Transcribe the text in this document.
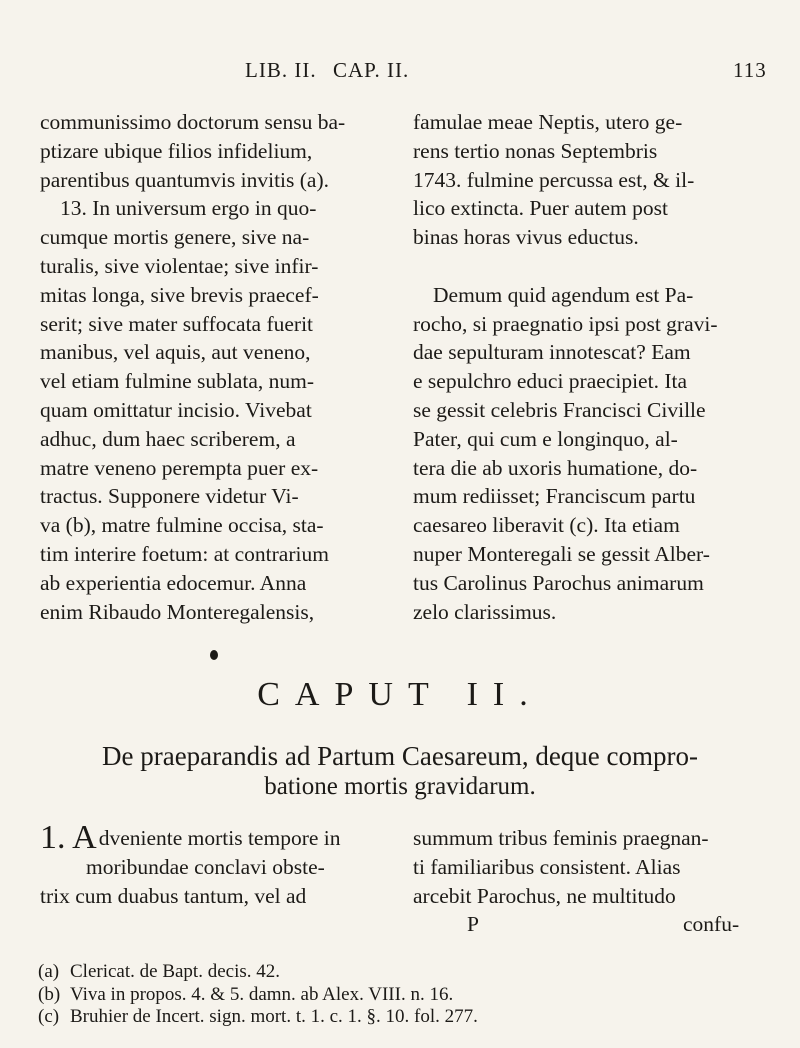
LIB. II. CAP. II.	113
communissimo doctorum sensu ba-
ptizare ubique filios infidelium,
parentibus quantumvis invitis (a).
13. In universum ergo in quo-
cumque mortis genere, sive na-
turalis, sive violentae; sive infir-
mitas longa, sive brevis praecef-
serit; sive mater suffocata fuerit
manibus, vel aquis, aut veneno,
vel etiam fulmine sublata, num-
quam omittatur incisio. Vivebat
adhuc, dum haec scriberem, a
matre veneno perempta puer ex-
tractus. Supponere videtur Vi-
va (b), matre fulmine occisa, sta-
tim interire foetum: at contrarium
ab experientia edocemur. Anna
enim Ribaudo Monteregalensis,
famulae meae Neptis, utero ge-
rens tertio nonas Septembris
1743. fulmine percussa est, & il-
lico extincta. Puer autem post
binas horas vivus eductus.

Demum quid agendum est Pa-
rocho, si praegnatio ipsi post gravi-
dae sepulturam innotescat? Eam
e sepulchro educi praecipiet. Ita
se gessit celebris Francisci Civille
Pater, qui cum e longinquo, al-
tera die ab uxoris humatione, do-
mum rediisset; Franciscum partu
caesareo liberavit (c). Ita etiam
nuper Monteregali se gessit Alber-
tus Carolinus Parochus animarum
zelo clarissimus.
CAPUT II.
De praeparandis ad Partum Caesareum, deque compro-
batione mortis gravidarum.
1. Adveniente mortis tempore in
moribundae conclavi obste-
trix cum duabus tantum, vel ad
summum tribus feminis praegnan-
ti familiaribus consistent. Alias
arcebit Parochus, ne multitudo
P	confu-
(a) Clericat. de Bapt. decis. 42.
(b) Viva in propos. 4. & 5. damn. ab Alex. VIII. n. 16.
(c) Bruhier de Incert. sign. mort. t. 1. c. 1. §. 10. fol. 277.
